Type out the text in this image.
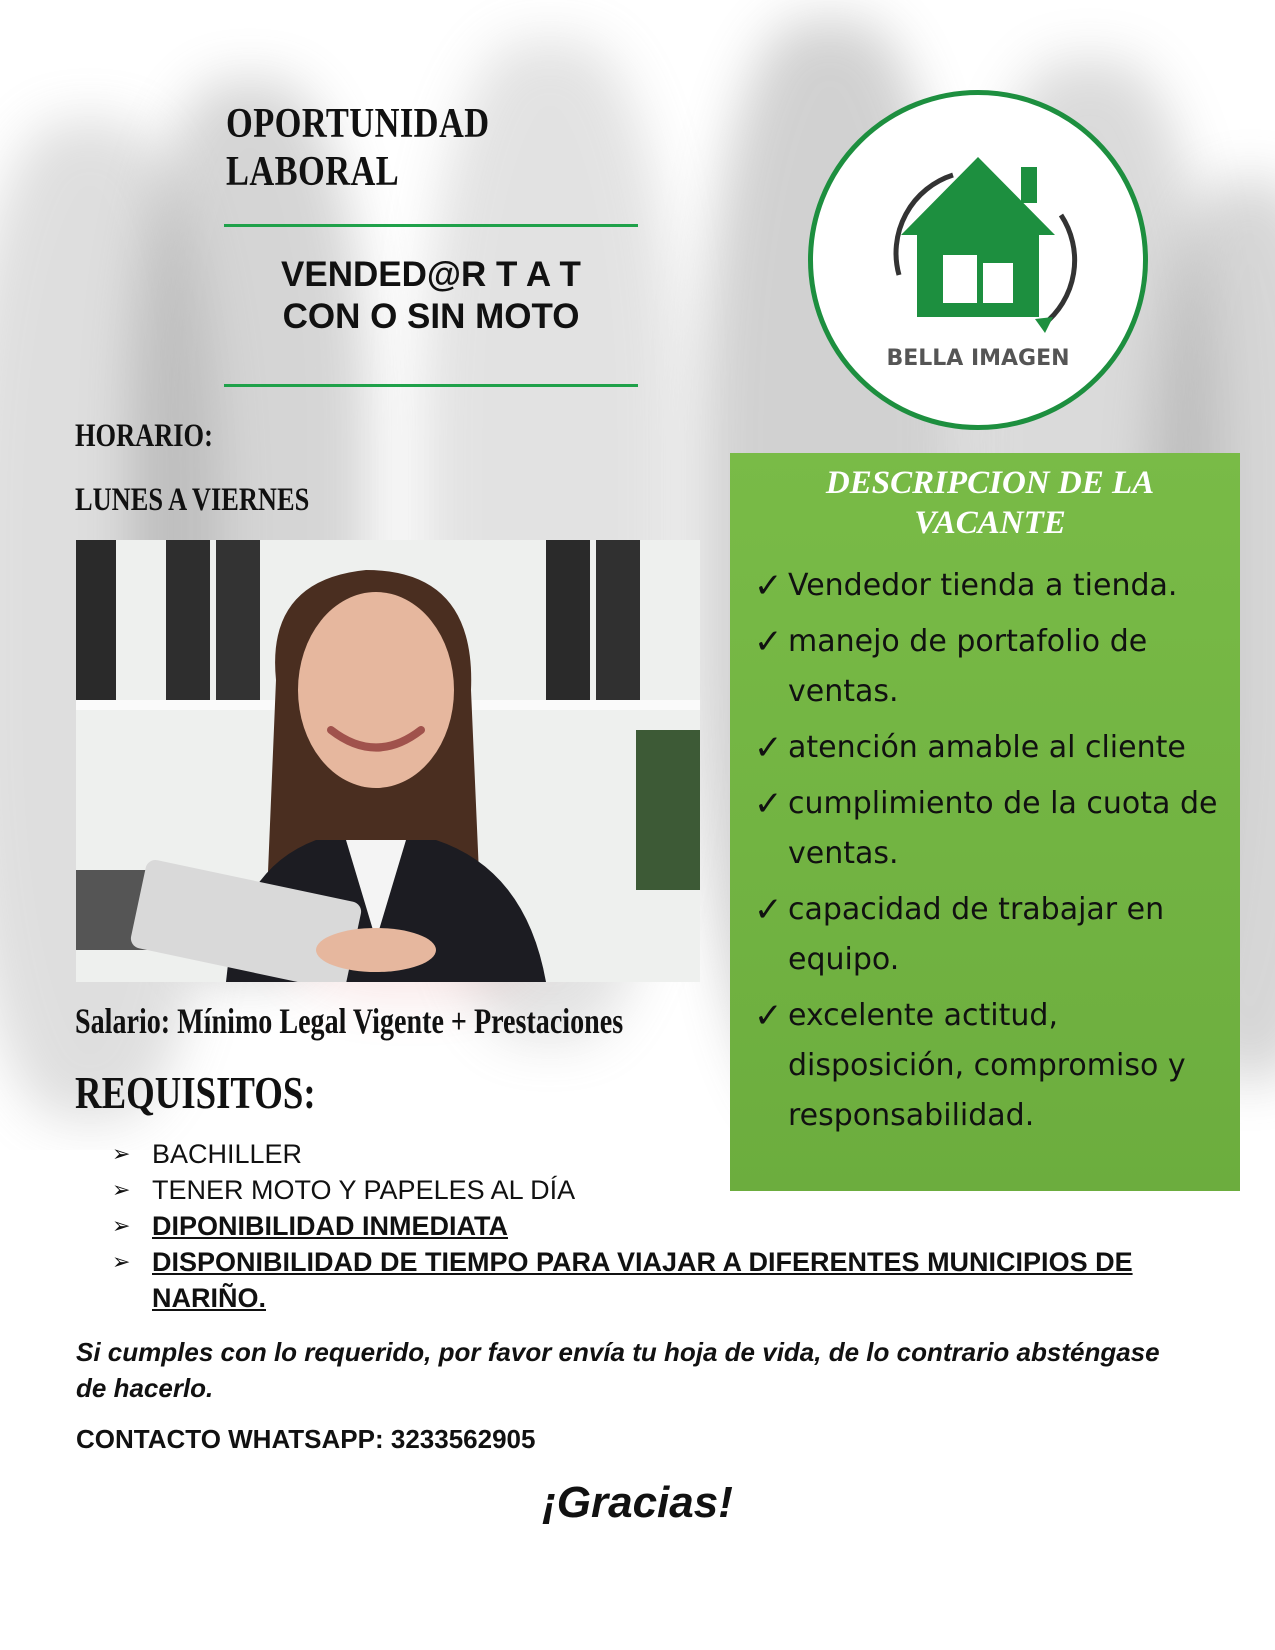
OPORTUNIDAD LABORAL
VENDED@R T A T
CON O SIN MOTO
BELLA IMAGEN
HORARIO:
LUNES A VIERNES
Salario: Mínimo Legal Vigente + Prestaciones
REQUISITOS:
DESCRIPCION DE LA VACANTE
✓ Vendedor tienda a tienda.
✓ manejo de portafolio de ventas.
✓ atención amable al cliente
✓ cumplimiento de la cuota de ventas.
✓ capacidad de trabajar en equipo.
✓ excelente actitud, disposición, compromiso y responsabilidad.
➢ BACHILLER
➢ TENER MOTO Y PAPELES AL DÍA
➢ DIPONIBILIDAD INMEDIATA
➢ DISPONIBILIDAD DE TIEMPO PARA VIAJAR A DIFERENTES MUNICIPIOS DE NARIÑO.
Si cumples con lo requerido, por favor envía tu hoja de vida, de lo contrario absténgase de hacerlo.
CONTACTO WHATSAPP: 3233562905
¡Gracias!
